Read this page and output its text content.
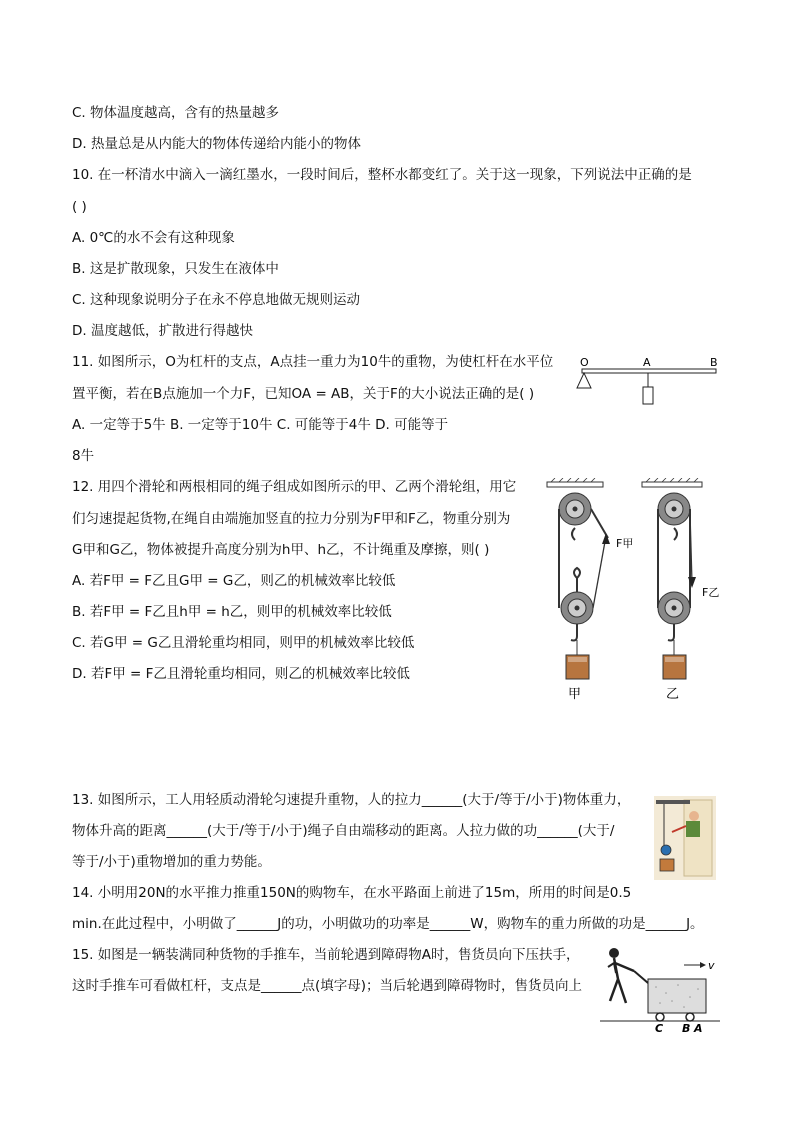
C. 物体温度越高，含有的热量越多
D. 热量总是从内能大的物体传递给内能小的物体
10. 在一杯清水中滴入一滴红墨水，一段时间后，整杯水都变红了。关于这一现象，下列说法中正确的是
( )
A. 0℃的水不会有这种现象
B. 这是扩散现象，只发生在液体中
C. 这种现象说明分子在永不停息地做无规则运动
D. 温度越低，扩散进行得越快
11. 如图所示，O为杠杆的支点，A点挂一重力为10牛的重物，为使杠杆在水平位
置平衡，若在B点施加一个力F，已知OA = AB，关于F的大小说法正确的是( )
A. 一定等于5牛 B. 一定等于10牛 C. 可能等于4牛 D. 可能等于
8牛
O	A	B
12. 用四个滑轮和两根相同的绳子组成如图所示的甲、乙两个滑轮组，用它
们匀速提起货物,在绳自由端施加竖直的拉力分别为F甲和F乙，物重分别为
G甲和G乙，物体被提升高度分别为h甲、h乙，不计绳重及摩擦，则( )
A. 若F甲 = F乙且G甲 = G乙，则乙的机械效率比较低
B. 若F甲 = F乙且h甲 = h乙，则甲的机械效率比较低
C. 若G甲 = G乙且滑轮重均相同，则甲的机械效率比较低
D. 若F甲 = F乙且滑轮重均相同，则乙的机械效率比较低
F甲
甲
F乙
乙
13. 如图所示，工人用轻质动滑轮匀速提升重物，人的拉力______(大于/等于/小于)物体重力，
物体升高的距离______(大于/等于/小于)绳子自由端移动的距离。人拉力做的功______(大于/
等于/小于)重物增加的重力势能。
14. 小明用20N的水平推力推重150N的购物车，在水平路面上前进了15m，所用的时间是0.5
min.在此过程中，小明做了______J的功，小明做功的功率是______W，购物车的重力所做的功是______J。
15. 如图是一辆装满同种货物的手推车，当前轮遇到障碍物A时，售货员向下压扶手，
这时手推车可看做杠杆，支点是______点(填字母)；当后轮遇到障碍物时，售货员向上
v
C B A
